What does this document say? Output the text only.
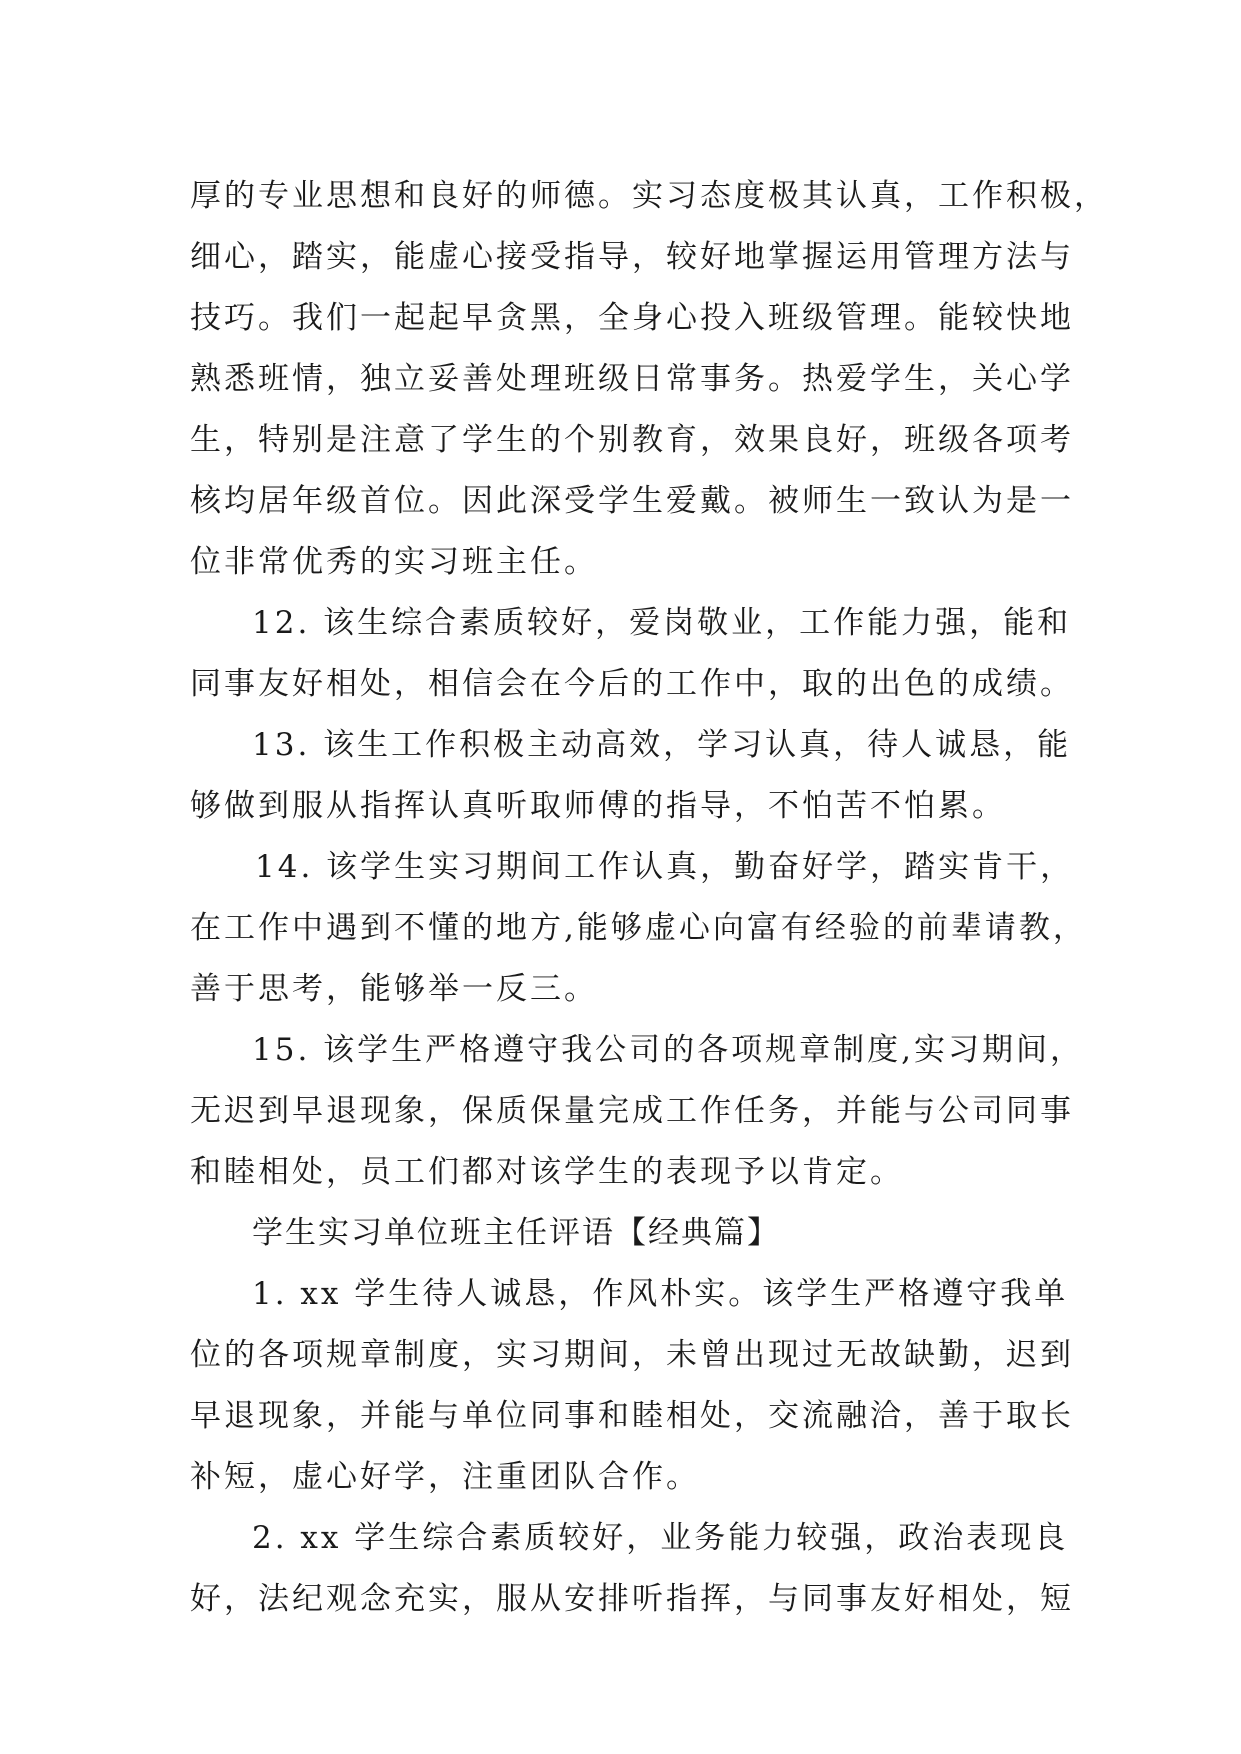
厚的专业思想和良好的师德。实习态度极其认真，工作积极，
细心，踏实，能虚心接受指导，较好地掌握运用管理方法与
技巧。我们一起起早贪黑，全身心投入班级管理。能较快地
熟悉班情，独立妥善处理班级日常事务。热爱学生，关心学
生，特别是注意了学生的个别教育，效果良好，班级各项考
核均居年级首位。因此深受学生爱戴。被师生一致认为是一
位非常优秀的实习班主任。
12. 该生综合素质较好，爱岗敬业，工作能力强，能和
同事友好相处，相信会在今后的工作中，取的出色的成绩。
13. 该生工作积极主动高效，学习认真，待人诚恳，能
够做到服从指挥认真听取师傅的指导，不怕苦不怕累。
14. 该学生实习期间工作认真，勤奋好学，踏实肯干，
在工作中遇到不懂的地方,能够虚心向富有经验的前辈请教，
善于思考，能够举一反三。
15. 该学生严格遵守我公司的各项规章制度,实习期间，
无迟到早退现象，保质保量完成工作任务，并能与公司同事
和睦相处，员工们都对该学生的表现予以肯定。
学生实习单位班主任评语【经典篇】
1. xx 学生待人诚恳，作风朴实。该学生严格遵守我单
位的各项规章制度，实习期间，未曾出现过无故缺勤，迟到
早退现象，并能与单位同事和睦相处，交流融洽，善于取长
补短，虚心好学，注重团队合作。
2. xx 学生综合素质较好，业务能力较强，政治表现良
好，法纪观念充实，服从安排听指挥，与同事友好相处，短
